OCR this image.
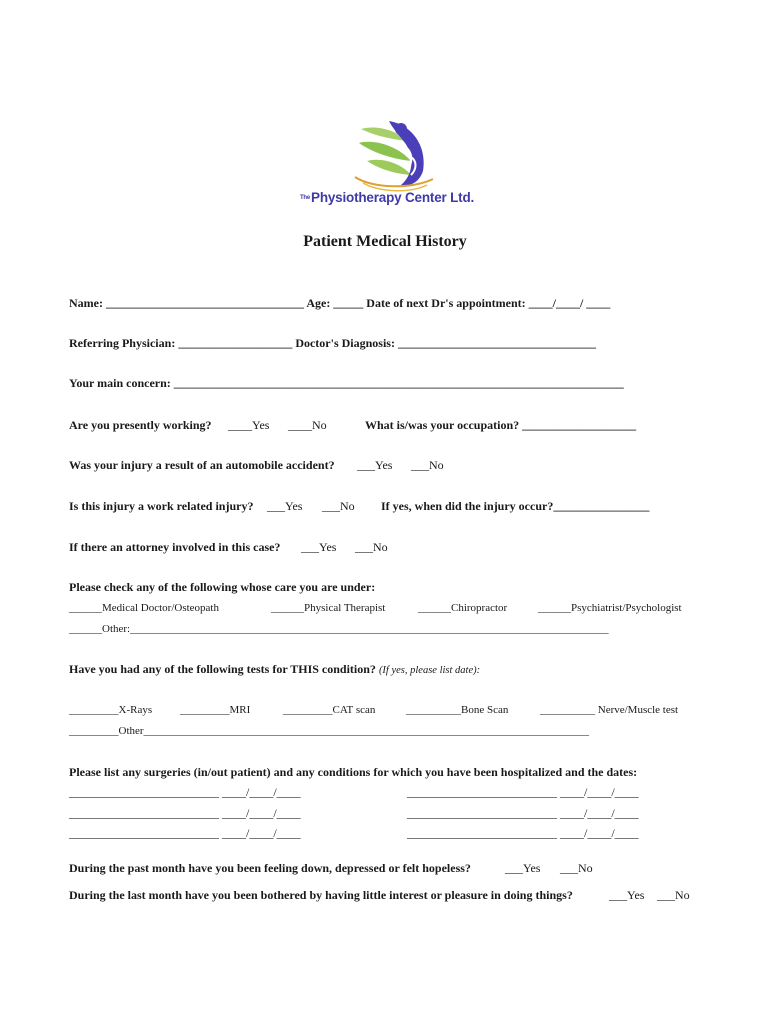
$^{The}$Physiotherapy Center Ltd.
Patient Medical History
Name: _________________________________ Age: _____ Date of next Dr's appointment: ____/____/ ____
Referring Physician: ___________________ Doctor's Diagnosis: _________________________________
Your main concern: ___________________________________________________________________________
Are you presently working? ____Yes ____No	What is/was your occupation? ___________________
Was your injury a result of an automobile accident? ___Yes ___No
Is this injury a work related injury? ___Yes ___No If yes, when did the injury occur?________________
If there an attorney involved in this case? ___Yes ___No
Please check any of the following whose care you are under:
______Medical Doctor/Osteopath	______Physical Therapist	______Chiropractor	______Psychiatrist/Psychologist
______Other:_______________________________________________________________________________________
Have you had any of the following tests for THIS condition? (If yes, please list date):
_________X-Rays	_________MRI	_________CAT scan	__________Bone Scan	__________ Nerve/Muscle test
_________Other_________________________________________________________________________________
Please list any surgeries (in/out patient) and any conditions for which you have been hospitalized and the dates:
_________________________ ____/____/____	_________________________ ____/____/____
_________________________ ____/____/____	_________________________ ____/____/____
_________________________ ____/____/____	_________________________ ____/____/____
During the past month have you been feeling down, depressed or felt hopeless?	___Yes ___No
During the last month have you been bothered by having little interest or pleasure in doing things?	___Yes ___No
